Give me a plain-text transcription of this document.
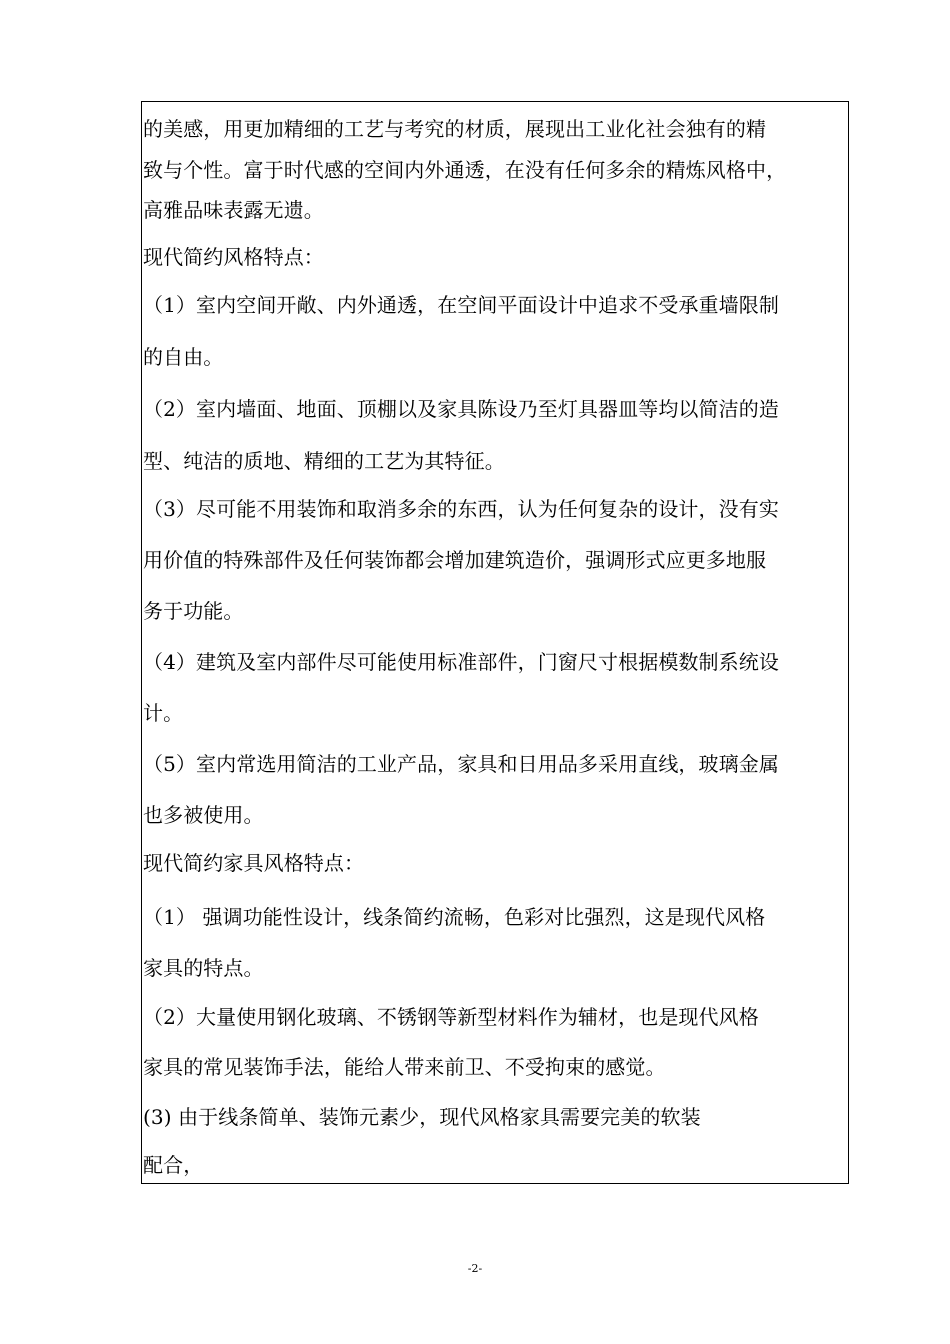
的美感，用更加精细的工艺与考究的材质，展现出工业化社会独有的精
致与个性。富于时代感的空间内外通透，在没有任何多余的精炼风格中，
高雅品味表露无遗。
现代简约风格特点：
（1）室内空间开敞、内外通透，在空间平面设计中追求不受承重墙限制
的自由。
（2）室内墙面、地面、顶棚以及家具陈设乃至灯具器皿等均以简洁的造
型、纯洁的质地、精细的工艺为其特征。
（3）尽可能不用装饰和取消多余的东西，认为任何复杂的设计，没有实
用价值的特殊部件及任何装饰都会增加建筑造价，强调形式应更多地服
务于功能。
（4）建筑及室内部件尽可能使用标准部件，门窗尺寸根据模数制系统设
计。
（5）室内常选用简洁的工业产品，家具和日用品多采用直线，玻璃金属
也多被使用。
现代简约家具风格特点：
（1） 强调功能性设计，线条简约流畅，色彩对比强烈，这是现代风格
家具的特点。
（2）大量使用钢化玻璃、不锈钢等新型材料作为辅材，也是现代风格
家具的常见装饰手法，能给人带来前卫、不受拘束的感觉。
(3) 由于线条简单、装饰元素少，现代风格家具需要完美的软装
配合，
-2-
